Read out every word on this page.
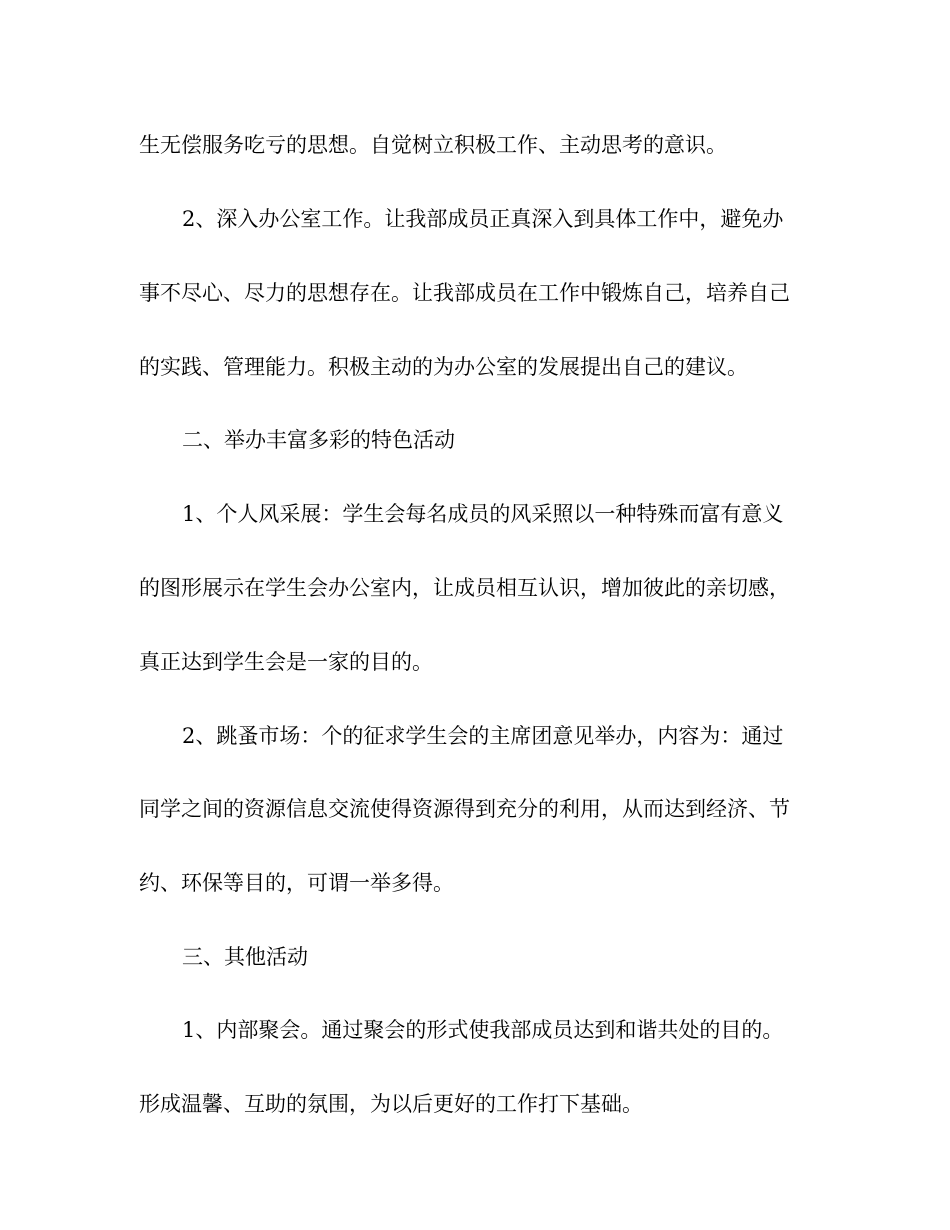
生无偿服务吃亏的思想。自觉树立积极工作、主动思考的意识。
2、深入办公室工作。让我部成员正真深入到具体工作中，避免办
事不尽心、尽力的思想存在。让我部成员在工作中锻炼自己，培养自己
的实践、管理能力。积极主动的为办公室的发展提出自己的建议。
二、举办丰富多彩的特色活动
1、个人风采展：学生会每名成员的风采照以一种特殊而富有意义
的图形展示在学生会办公室内，让成员相互认识，增加彼此的亲切感，
真正达到学生会是一家的目的。
2、跳蚤市场：个的征求学生会的主席团意见举办，内容为：通过
同学之间的资源信息交流使得资源得到充分的利用，从而达到经济、节
约、环保等目的，可谓一举多得。
三、其他活动
1、内部聚会。通过聚会的形式使我部成员达到和谐共处的目的。
形成温馨、互助的氛围，为以后更好的工作打下基础。
